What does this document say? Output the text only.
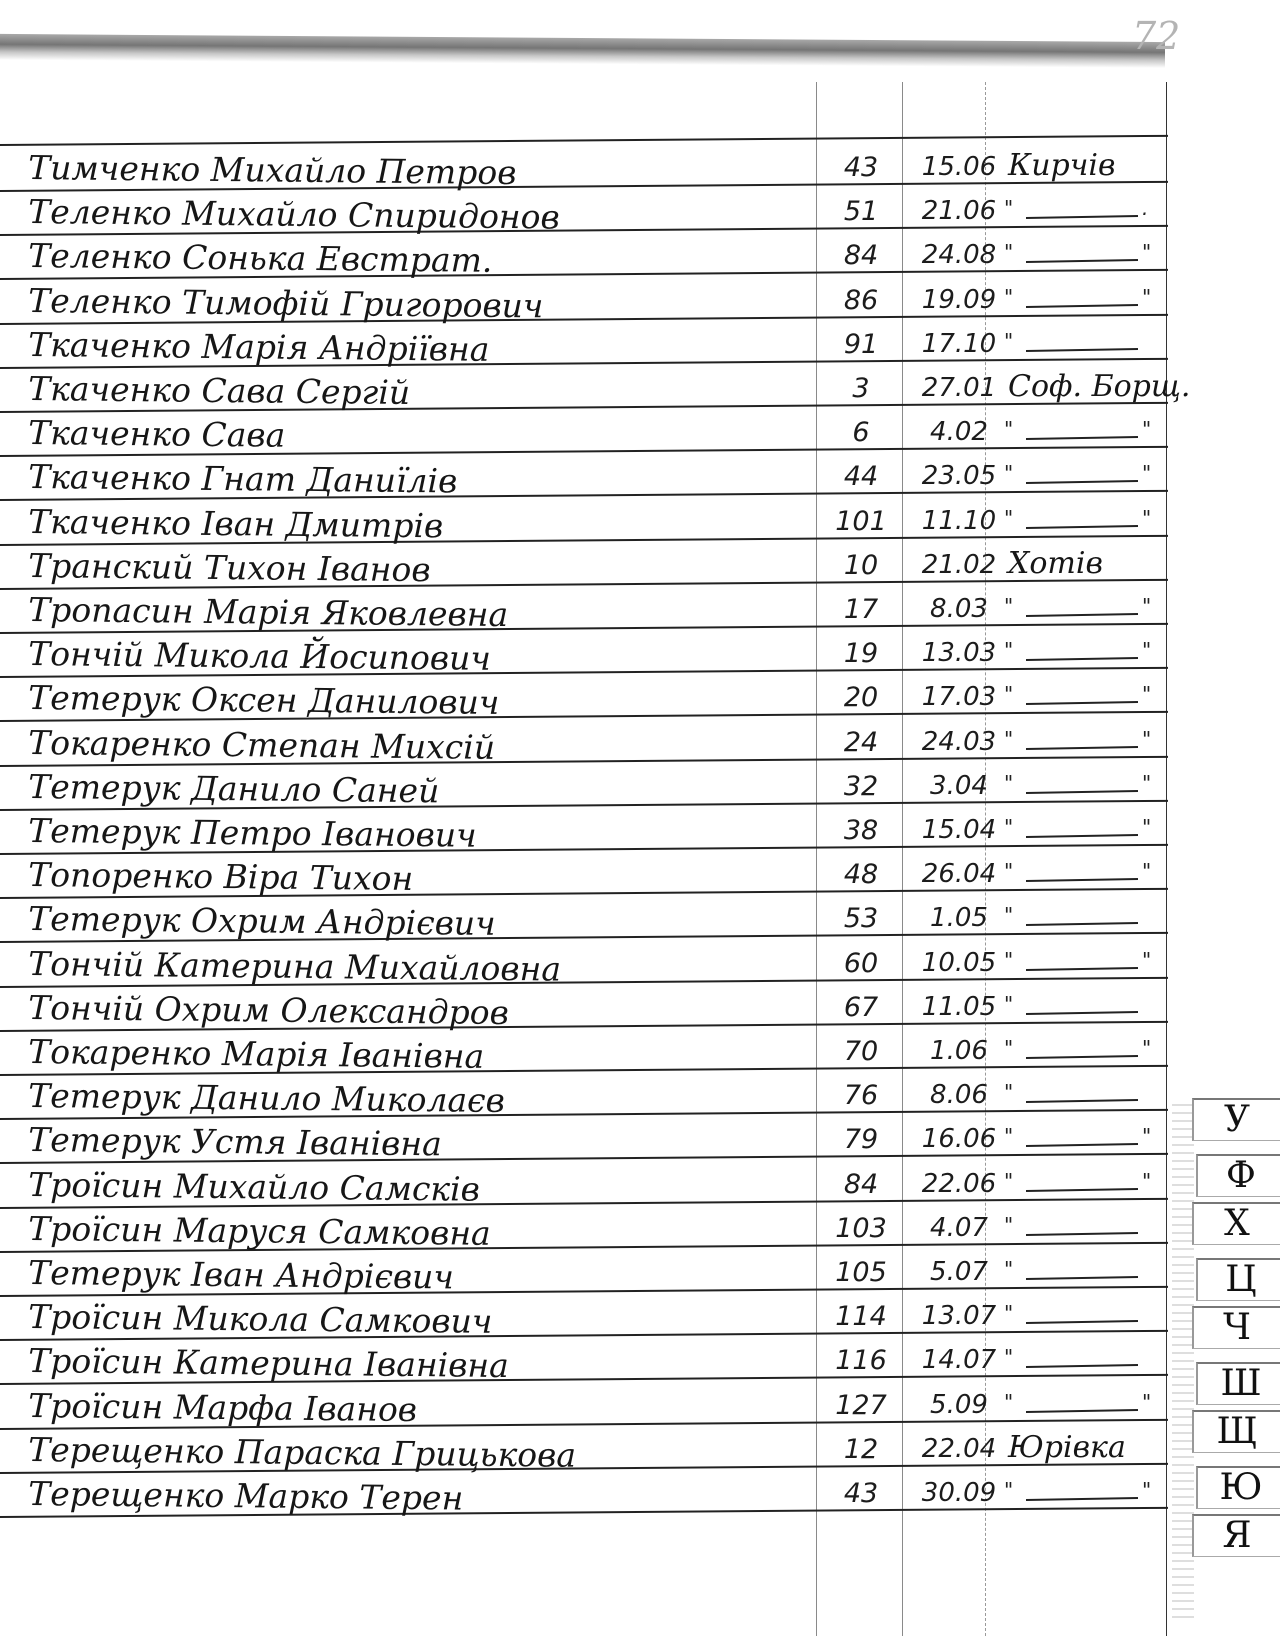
72
Тимченко Михайло Петров	43	15.06 Кирчів
Теленко Михайло Спиридонов	51	21.06 "	.
Теленко Сонька Евстрат.	84	24.08 "	"
Теленко Тимофій Григорович	86	19.09 "	"
Ткаченко Марія Андріївна	91	17.10 "
Ткаченко Сава Сергій	3	27.01 Соф. Борщ.
Ткаченко Сава	6	4.02 "	"
Ткаченко Гнат Даниїлів	44	23.05 "	"
Ткаченко Іван Дмитрів	101	11.10 "	"
Транский Тихон Іванов	10	21.02 Хотів
Тропасин Марія Яковлевна	17	8.03 "	"
Тончій Микола Йосипович	19	13.03 "	"
Тетерук Оксен Данилович	20	17.03 "	"
Токаренко Степан Михсій	24	24.03 "	"
Тетерук Данило Саней	32	3.04 "	"
Тетерук Петро Іванович	38	15.04 "	"
Топоренко Віра Тихон	48	26.04 "	"
Тетерук Охрим Андрієвич	53	1.05 "
Тончій Катерина Михайловна	60	10.05 "	"
Тончій Охрим Олександров	67	11.05 "
Токаренко Марія Іванівна	70	1.06 "	"
Тетерук Данило Миколаєв	76	8.06 "
Тетерук Устя Іванівна	79	16.06 "	"
Троїсин Михайло Самсків	84	22.06 "	"
Троїсин Маруся Самковна	103	4.07 "
Тетерук Іван Андрієвич	105	5.07 "
Троїсин Микола Самкович	114	13.07 "
Троїсин Катерина Іванівна	116	14.07 "
Троїсин Марфа Іванов	127	5.09 "	"
Терещенко Параска Грицькова	12	22.04 Юрівка
Терещенко Марко Терен	43	30.09 "	"
У
Ф
Х
Ц
Ч
Ш
Щ
Ю
Я
